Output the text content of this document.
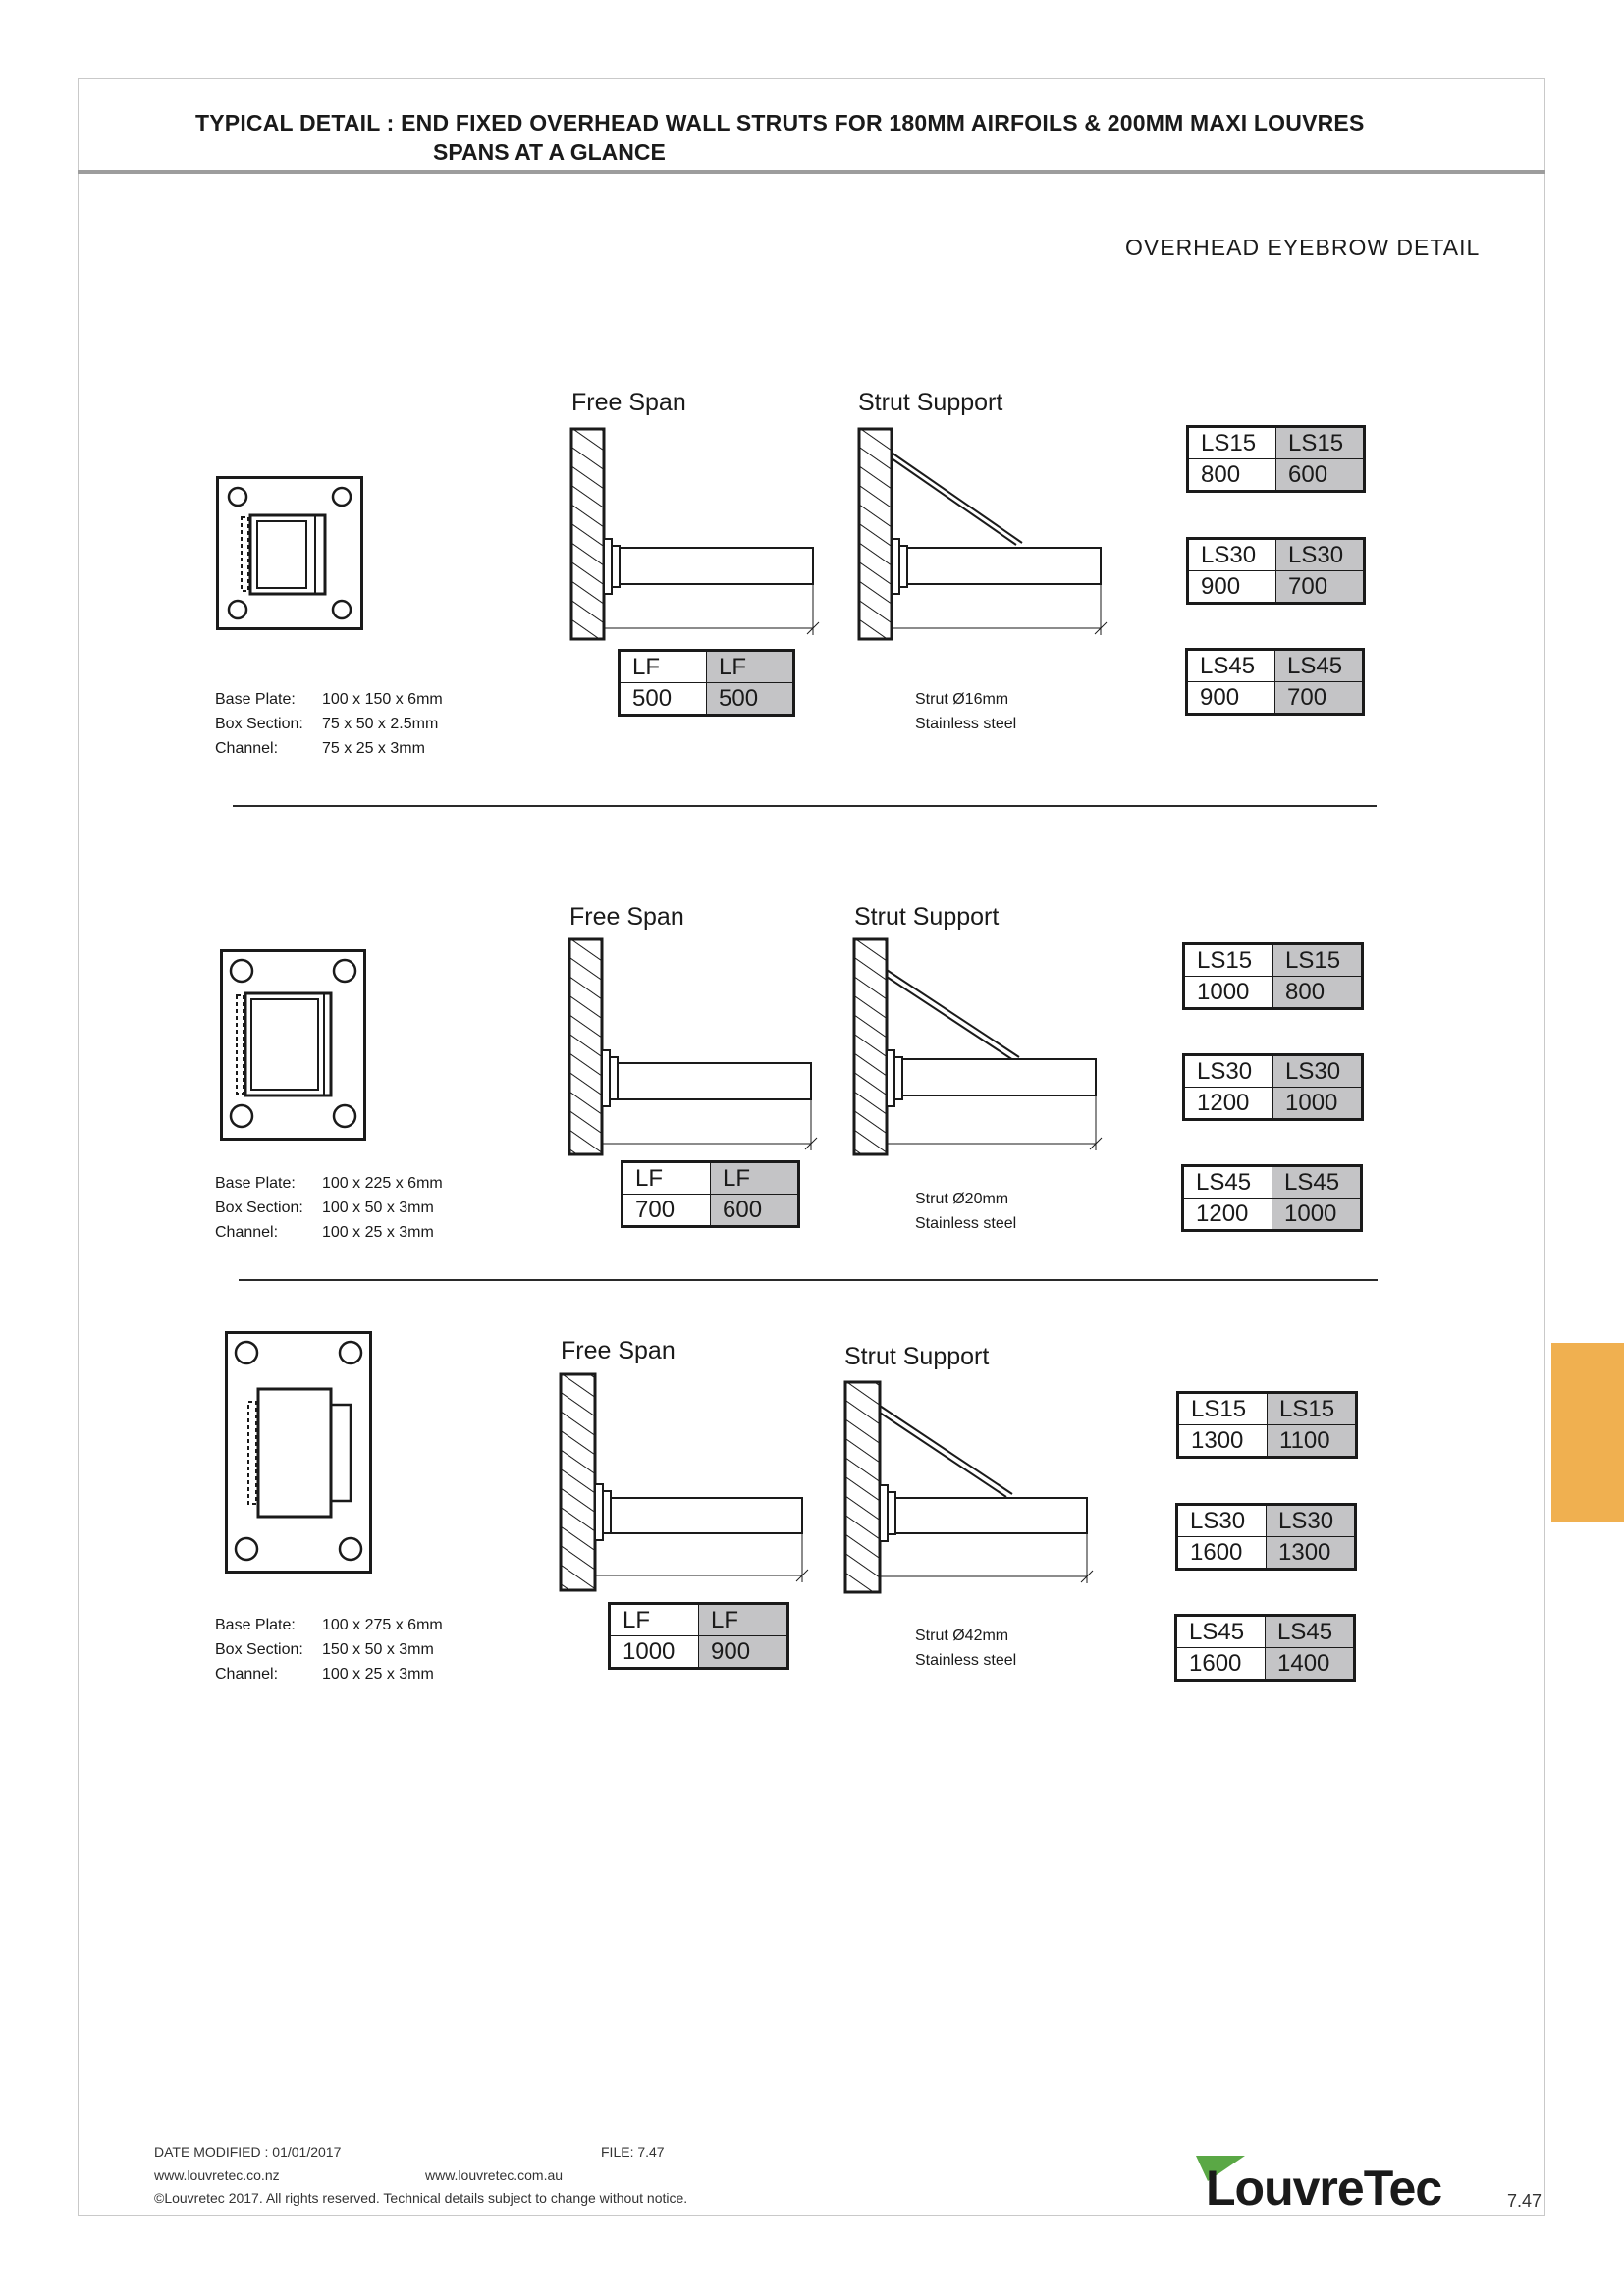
TYPICAL DETAIL : END FIXED OVERHEAD WALL STRUTS FOR 180MM AIRFOILS & 200MM MAXI LOUVRES
SPANS AT A GLANCE
OVERHEAD EYEBROW DETAIL
Base Plate:	100 x 150 x 6mm
Box Section:	75 x 50 x 2.5mm
Channel:	75 x 25 x 3mm
Free Span
LF	LF
500	500
Strut Support
Strut Ø16mm
Stainless steel
LS15	LS15
800	600
LS30	LS30
900	700
LS45	LS45
900	700
Base Plate:	100 x 225 x 6mm
Box Section:	100 x 50 x 3mm
Channel:	100 x 25 x 3mm
Free Span
LF	LF
700	600
Strut Support
Strut Ø20mm
Stainless steel
LS15	LS15
1000	800
LS30	LS30
1200	1000
LS45	LS45
1200	1000
Base Plate:	100 x 275 x 6mm
Box Section:	150 x 50 x 3mm
Channel:	100 x 25 x 3mm
Free Span
LF	LF
1000	900
Strut Support
Strut Ø42mm
Stainless steel
LS15	LS15
1300	1100
LS30	LS30
1600	1300
LS45	LS45
1600	1400
DATE MODIFIED : 01/01/2017	FILE: 7.47
www.louvretec.co.nz	www.louvretec.com.au
©Louvretec 2017. All rights reserved. Technical details subject to change without notice.	LouvreTec	7.47
